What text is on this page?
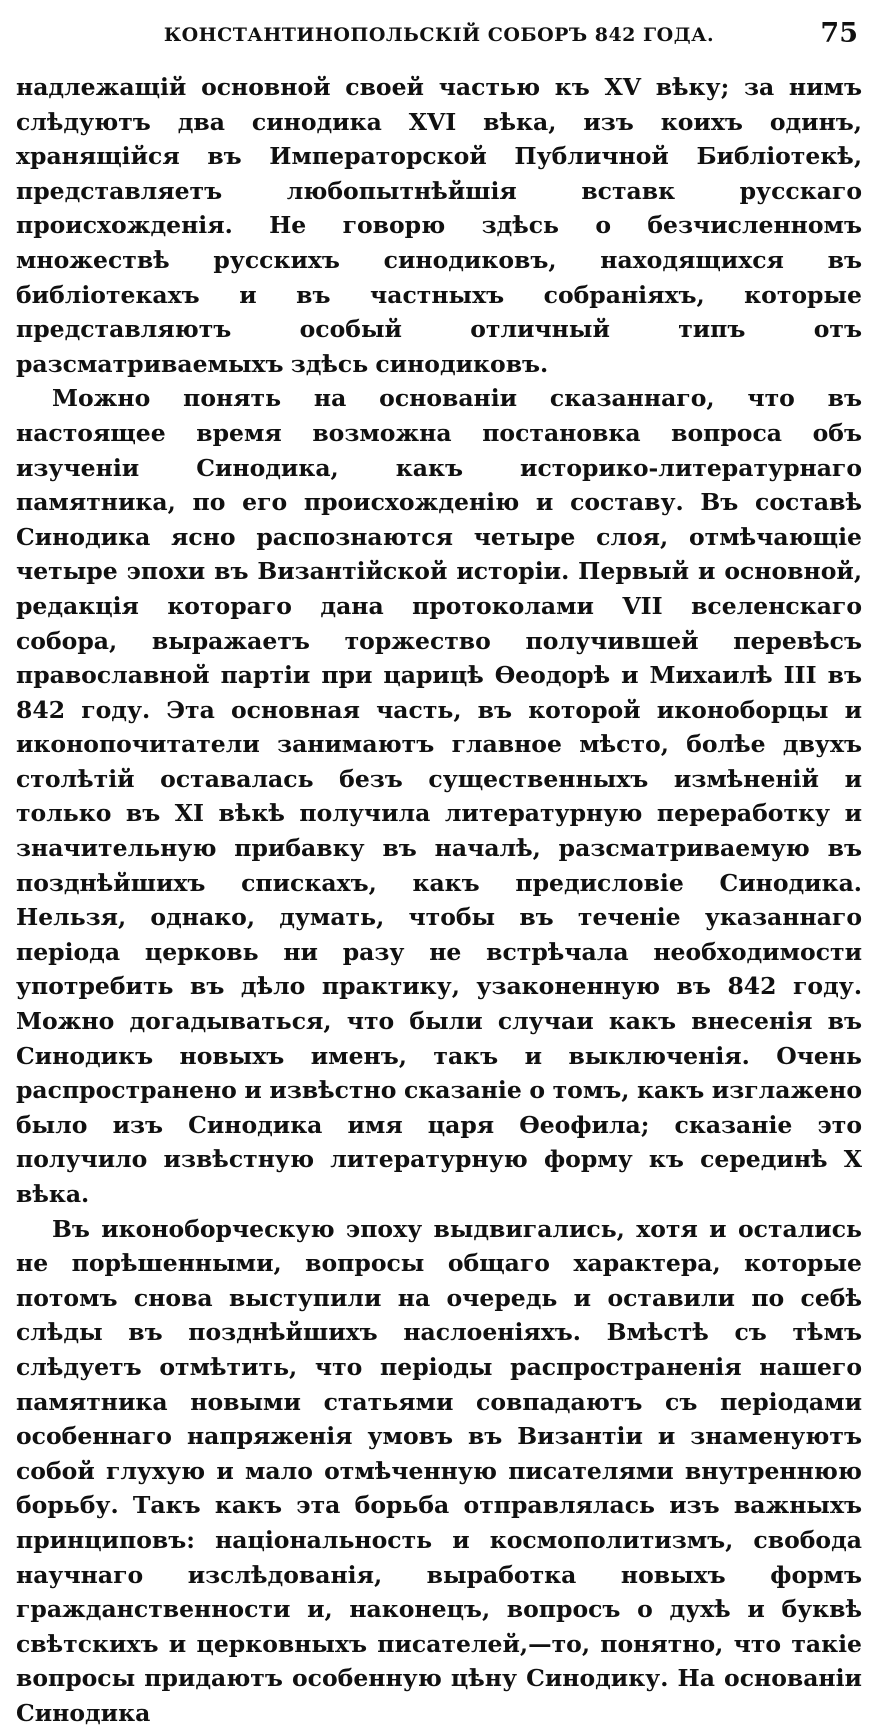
КОНСТАНТИНОПОЛЬСКІЙ СОБОРЪ 842 ГОДА.	75

надлежащій основной своей частью къ XV вѣку; за нимъ слѣдуютъ два синодика XVI вѣка, изъ коихъ одинъ, хранящійся въ Императорской Публичной Библіотекѣ, представляетъ любопытнѣйшія вставк русскаго происхожденія. Не говорю здѣсь о безчисленномъ множествѣ русскихъ синодиковъ, находящихся въ библіотекахъ и въ частныхъ собраніяхъ, которые представляютъ особый отличный типъ отъ разсматриваемыхъ здѣсь синодиковъ.

Можно понять на основаніи сказаннаго, что въ настоящее время возможна постановка вопроса объ изученіи Синодика, какъ историко-литературнаго памятника, по его происхожденію и составу. Въ составѣ Синодика ясно распознаются четыре слоя, отмѣчающіе четыре эпохи въ Византійской исторіи. Первый и основной, редакція котораго дана протоколами VII вселенскаго собора, выражаетъ торжество получившей перевѣсъ православной партіи при царицѣ Ѳеодорѣ и Михаилѣ III въ 842 году. Эта основная часть, въ которой иконоборцы и иконопочитатели занимаютъ главное мѣсто, болѣе двухъ столѣтій оставалась безъ существенныхъ измѣненій и только въ XI вѣкѣ получила литературную переработку и значительную прибавку въ началѣ, разсматриваемую въ позднѣйшихъ спискахъ, какъ предисловіе Синодика. Нельзя, однако, думать, чтобы въ теченіе указаннаго періода церковь ни разу не встрѣчала необходимости употребить въ дѣло практику, узаконенную въ 842 году. Можно догадываться, что были случаи какъ внесенія въ Синодикъ новыхъ именъ, такъ и выключенія. Очень распространено и извѣстно сказаніе о томъ, какъ изглажено было изъ Синодика имя царя Ѳеофила; сказаніе это получило извѣстную литературную форму къ серединѣ X вѣка.

Въ иконоборческую эпоху выдвигались, хотя и остались не порѣшенными, вопросы общаго характера, которые потомъ снова выступили на очередь и оставили по себѣ слѣды въ позднѣйшихъ наслоеніяхъ. Вмѣстѣ съ тѣмъ слѣдуетъ отмѣтить, что періоды распространенія нашего памятника новыми статьями совпадаютъ съ періодами особеннаго напряженія умовъ въ Византіи и знаменуютъ собой глухую и мало отмѣченную писателями внутреннюю борьбу. Такъ какъ эта борьба отправлялась изъ важныхъ принциповъ: національность и космополитизмъ, свобода научнаго изслѣдованія, выработка новыхъ формъ гражданственности и, наконецъ, вопросъ о духѣ и буквѣ свѣтскихъ и церковныхъ писателей,—то, понятно, что такіе вопросы придаютъ особенную цѣну Синодику. На основаніи Синодика
